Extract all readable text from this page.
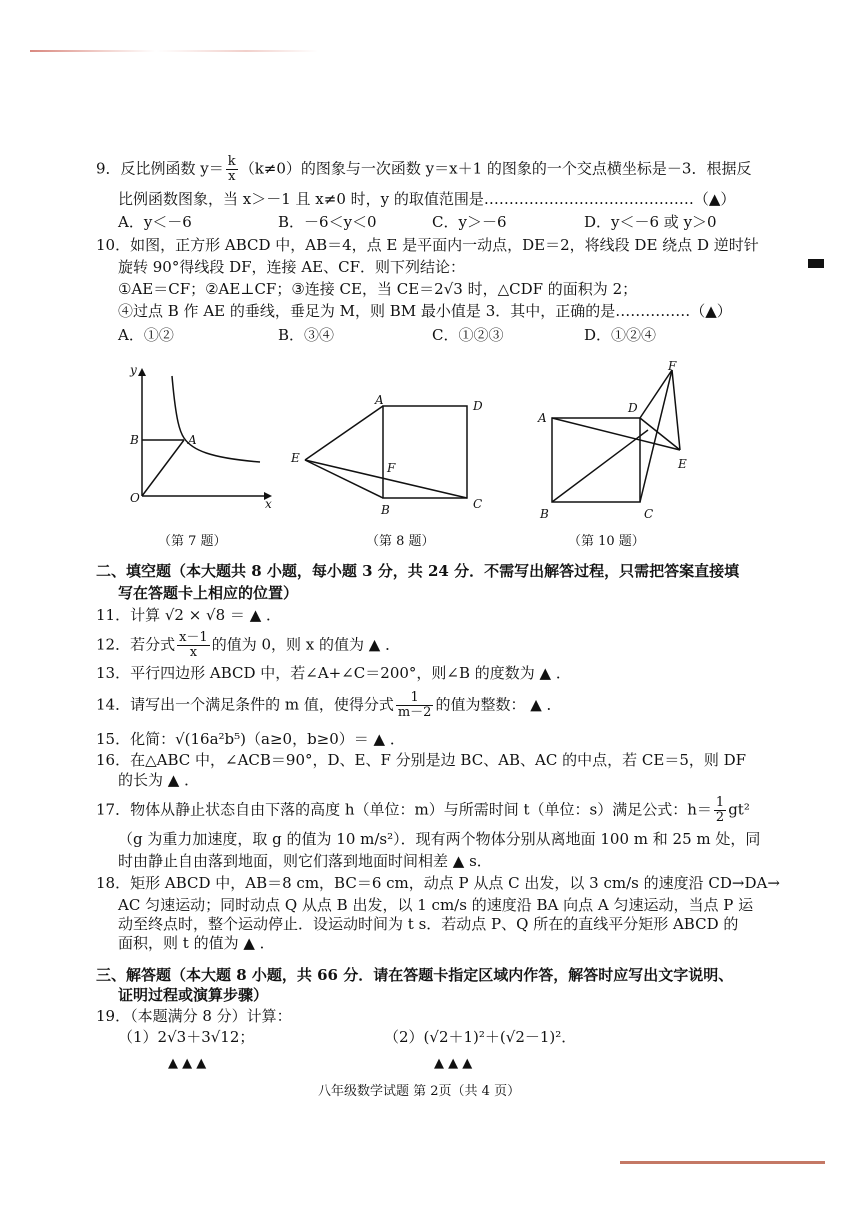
9．反比例函数 $y= \frac{k}{x} (k\ne 0)$的图象与一次函数 y＝x＋1 的图象的一个交点横坐标是－3．根据反
比例函数图象，当 x＞－1 且 x≠0 时，y 的取值范围是……………………………………（▲）
A．y＜－6	B．－6＜y＜0	C．y＞－6	D．y＜－6 或 y＞0
10．如图，正方形 ABCD 中，AB＝4，点 E 是平面内一动点，DE＝2，将线段 DE 绕点 D 逆时针
旋转 90°得线段 DF，连接 AE、CF．则下列结论：
①AE＝CF；②AE⊥CF；③连接 CE，当 CE＝2√3 时，△CDF 的面积为 2；
④过点 B 作 AE 的垂线，垂足为 M，则 BM 最小值是 3．其中，正确的是……………（▲）
A．①②	B．③④	C．①②③	D．①②④
y
x
O
B	A
（第 7 题）
A	D
E
F
B	C
（第 8 题）
A
D
F
E
B	C
（第 10 题）
二、填空题（本大题共 8 小题，每小题 3 分，共 24 分．不需写出解答过程，只需把答案直接填
写在答题卡上相应的位置）
11．计算 √2 × √8 ＝ ▲ ．
12．若分式 $\frac{x-1}{x}$ 的值为 0，则 x 的值为 ▲ ．
13．平行四边形 ABCD 中，若∠A+∠C＝200°，则∠B 的度数为 ▲ ．
14．请写出一个满足条件的 m 值，使得分式 $\frac{1}{m-2}$ 的值为整数： ▲ ．
15．化简：√(16a²b⁵)（a≥0，b≥0）＝ ▲ ．
16．在△ABC 中，∠ACB＝90°，D、E、F 分别是边 BC、AB、AC 的中点，若 CE＝5，则 DF
的长为 ▲ ．
17．物体从静止状态自由下落的高度 h（单位：m）与所需时间 t（单位：s）满足公式：$h= \frac{1}{2} gt^2$
（g 为重力加速度，取 g 的值为 10 m/s²）．现有两个物体分别从离地面 100 m 和 25 m 处，同
时由静止自由落到地面，则它们落到地面时间相差 ▲ s．
18．矩形 ABCD 中，AB＝8 cm，BC＝6 cm，动点 P 从点 C 出发，以 3 cm/s 的速度沿 CD→DA→
AC 匀速运动；同时动点 Q 从点 B 出发，以 1 cm/s 的速度沿 BA 向点 A 匀速运动，当点 P 运
动至终点时，整个运动停止．设运动时间为 t s．若动点 P、Q 所在的直线平分矩形 ABCD 的
面积，则 t 的值为 ▲ ．
三、解答题（本大题 8 小题，共 66 分．请在答题卡指定区域内作答，解答时应写出文字说明、
证明过程或演算步骤）
19．（本题满分 8 分）计算：
（1）2√3＋3√12；	（2）(√2＋1)²＋(√2－1)²．
▲ ▲ ▲	▲ ▲ ▲
八年级数学试题 第 2页（共 4 页）
